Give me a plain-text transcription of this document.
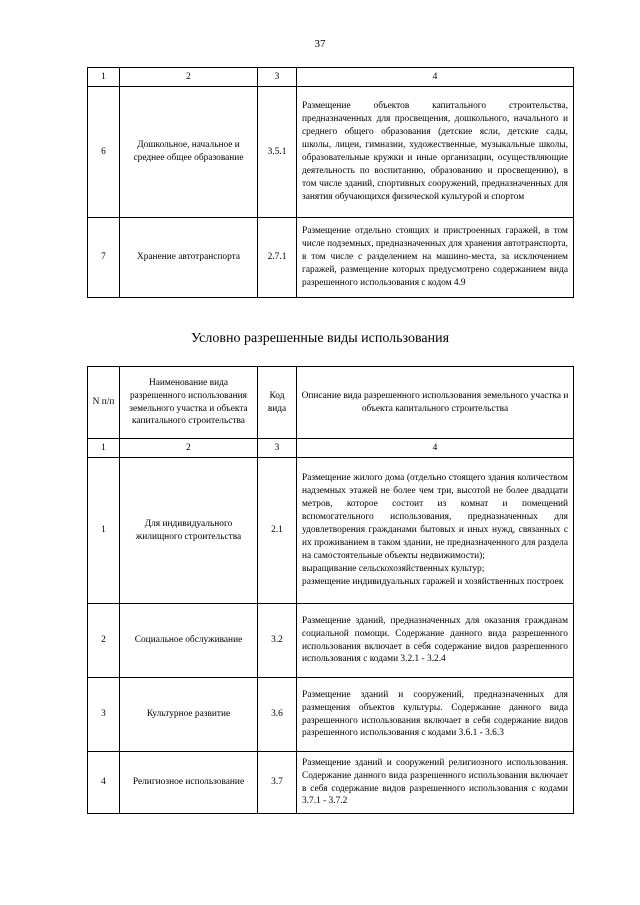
37
1	2	3	4
6	Дошкольное, начальное и среднее общее образование	3.5.1	Размещение объектов капитального строительства, предназначенных для просвещения, дошкольного, начального и среднего общего образования (детские ясли, детские сады, школы, лицеи, гимназии, художественные, музыкальные школы, образовательные кружки и иные организации, осуществляющие деятельность по воспитанию, образованию и просвещению), в том числе зданий, спортивных сооружений, предназначенных для занятия обучающихся физической культурой и спортом
7	Хранение автотранспорта	2.7.1	Размещение отдельно стоящих и пристроенных гаражей, в том числе подземных, предназначенных для хранения автотранспорта, в том числе с разделением на машино-места, за исключением гаражей, размещение которых предусмотрено содержанием вида разрешенного использования с кодом 4.9
Условно разрешенные виды использования
N п/п	Наименование вида разрешенного использования земельного участка и объекта капитального строительства	Код вида	Описание вида разрешенного использования земельного участка и объекта капитального строительства
1	2	3	4
1	Для индивидуального жилищного строительства	2.1	Размещение жилого дома (отдельно стоящего здания количеством надземных этажей не более чем три, высотой не более двадцати метров, которое состоит из комнат и помещений вспомогательного использования, предназначенных для удовлетворения гражданами бытовых и иных нужд, связанных с их проживанием в таком здании, не предназначенного для раздела на самостоятельные объекты недвижимости);
выращивание сельскохозяйственных культур;
размещение индивидуальных гаражей и хозяйственных построек

2	Социальное обслуживание	3.2	Размещение зданий, предназначенных для оказания гражданам социальной помощи. Содержание данного вида разрешенного использования включает в себя содержание видов разрешенного использования с кодами 3.2.1 - 3.2.4
3	Культурное развитие	3.6	Размещение зданий и сооружений, предназначенных для размещения объектов культуры. Содержание данного вида разрешенного использования включает в себя содержание видов разрешенного использования с кодами 3.6.1 - 3.6.3
4	Религиозное использование	3.7	Размещение зданий и сооружений религиозного использования. Содержание данного вида разрешенного использования включает в себя содержание видов разрешенного использования с кодами 3.7.1 - 3.7.2
